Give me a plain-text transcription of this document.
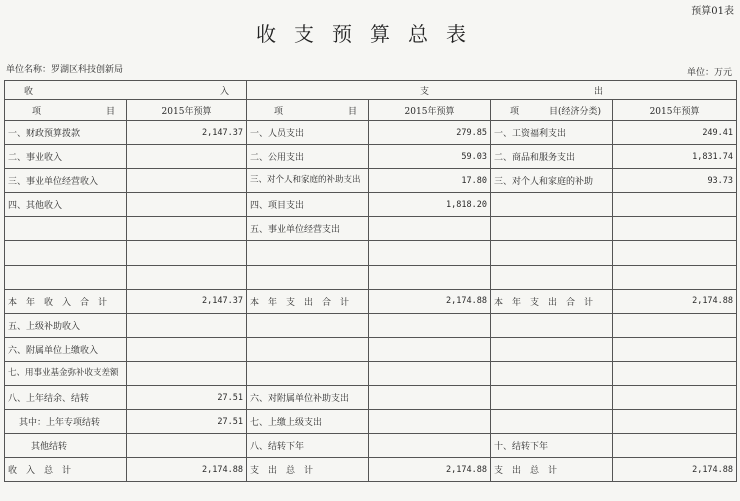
预算01表
收支预算总表
单位名称：罗湖区科技创新局	单位：万元
收 入		支 出			

项 目	2015年预算	项 目	2015年预算	项 目(经济分类)	2015年预算
一、财政预算拨款	2,147.37	一、人员支出	279.85	一、工资福利支出	249.41
二、事业收入		二、公用支出	59.03	二、商品和服务支出	1,831.74
三、事业单位经营收入		三、对个人和家庭的补助支出	17.80	三、对个人和家庭的补助	93.73
四、其他收入		四、项目支出	1,818.20		
		五、事业单位经营支出			

本年收入合计	2,147.37	本年支出合计	2,174.88	本年支出合计	2,174.88
五、上级补助收入					
六、附属单位上缴收入					
七、用事业基金弥补收支差额					
八、上年结余、结转	27.51	六、对附属单位补助支出			
其中：上年专项结转	27.51	七、上缴上级支出			
其他结转		八、结转下年		十、结转下年	
收入总计	2,174.88	支出总计	2,174.88	支出总计	2,174.88
